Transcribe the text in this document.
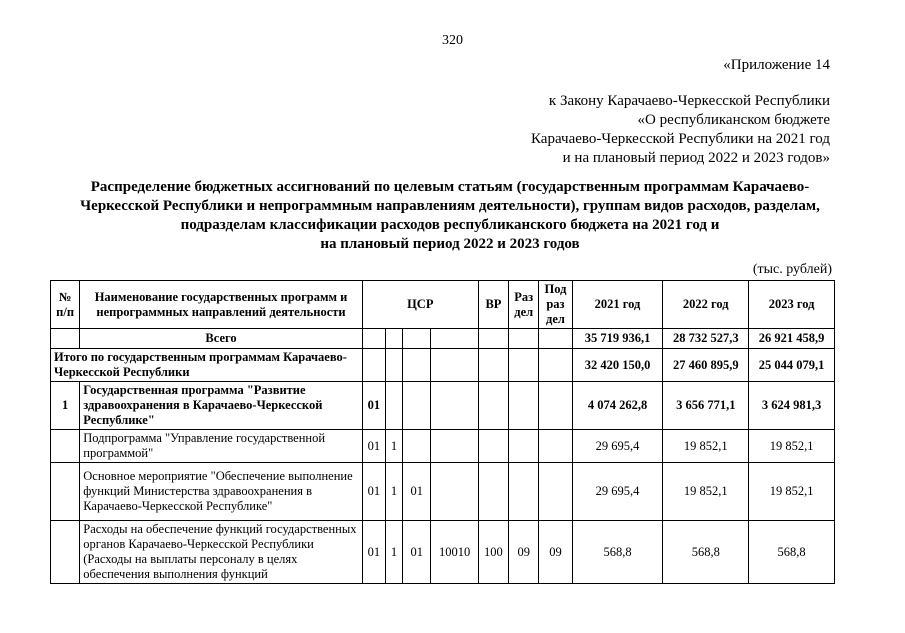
320
«Приложение 14
к Закону Карачаево-Черкесской Республики
«О республиканском бюджете
Карачаево-Черкесской Республики на 2021 год
и на плановый период 2022 и 2023 годов»
Распределение бюджетных ассигнований по целевым статьям (государственным программам Карачаево-
Черкесской Республики и непрограммным направлениям деятельности), группам видов расходов, разделам,
подразделам классификации расходов республиканского бюджета на 2021 год и
на плановый период 2022 и 2023 годов
(тыс. рублей)
№ п/п	Наименование государственных программ и непрограммных направлений деятельности	ЦСР				ВР	Раз дел	Под раз дел	2021 год	2022 год	2023 год
	Всего								35 719 936,1	28 732 527,3	26 921 458,9
Итого по государственным программам Карачаево-Черкесской Республики									32 420 150,0	27 460 895,9	25 044 079,1
1	Государственная программа "Развитие здравоохранения в Карачаево-Черкесской Республике"	01							4 074 262,8	3 656 771,1	3 624 981,3
	Подпрограмма "Управление государственной программой"	01	1						29 695,4	19 852,1	19 852,1
	Основное мероприятие "Обеспечение выполнение функций Министерства здравоохранения в Карачаево-Черкесской Республике"	01	1	01					29 695,4	19 852,1	19 852,1
	Расходы на обеспечение функций государственных органов Карачаево-Черкесской Республики (Расходы на выплаты персоналу в целях обеспечения выполнения функций	01	1	01	10010	100	09	09	568,8	568,8	568,8
